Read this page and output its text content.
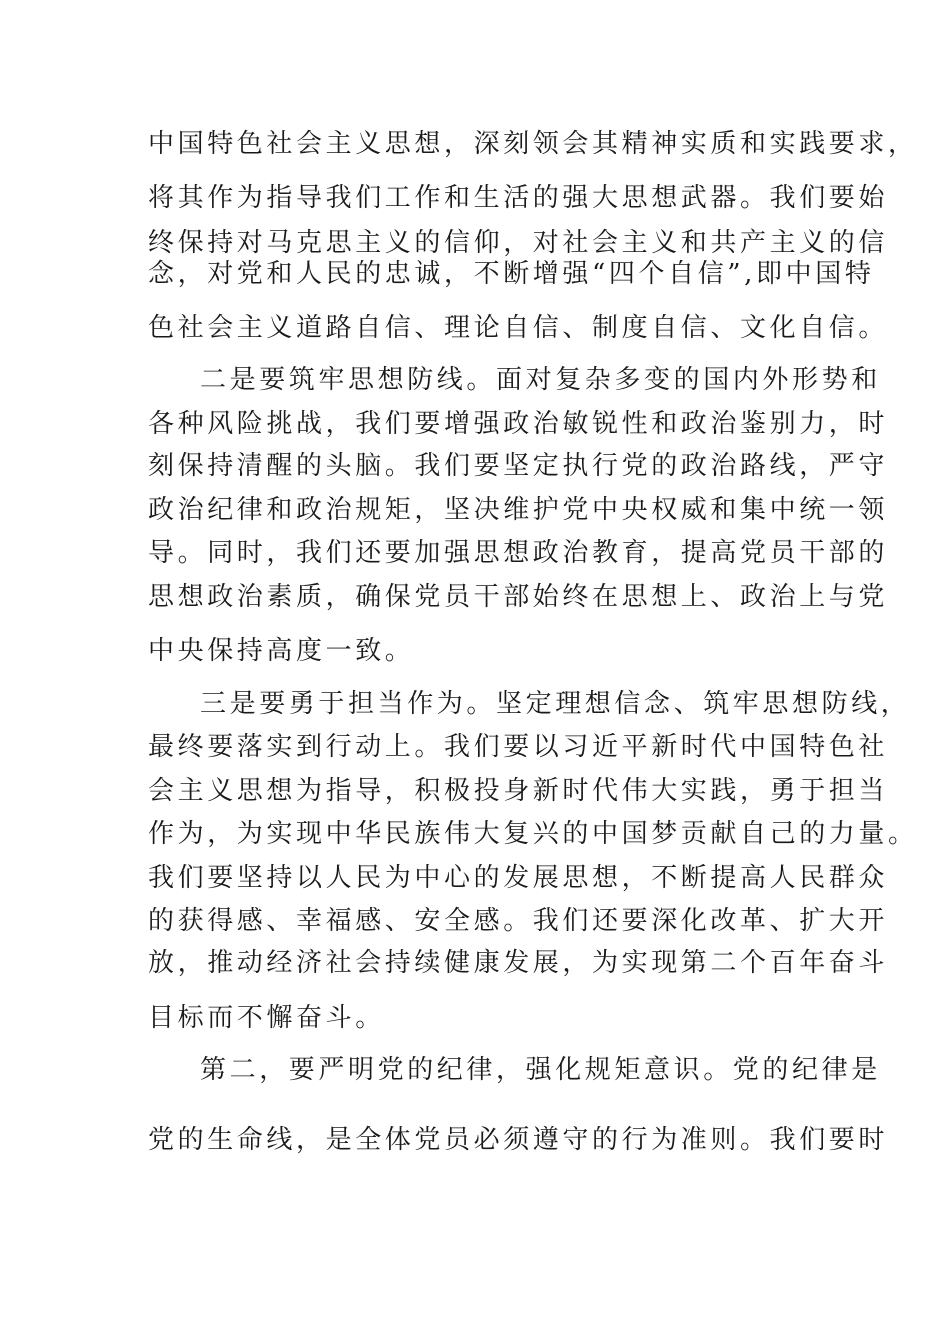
中国特色社会主义思想，深刻领会其精神实质和实践要求，
将其作为指导我们工作和生活的强大思想武器。我们要始
终保持对马克思主义的信仰，对社会主义和共产主义的信
念，对党和人民的忠诚，不断增强“四个自信”,即中国特
色社会主义道路自信、理论自信、制度自信、文化自信。
二是要筑牢思想防线。面对复杂多变的国内外形势和
各种风险挑战，我们要增强政治敏锐性和政治鉴别力，时
刻保持清醒的头脑。我们要坚定执行党的政治路线，严守
政治纪律和政治规矩，坚决维护党中央权威和集中统一领
导。同时，我们还要加强思想政治教育，提高党员干部的
思想政治素质，确保党员干部始终在思想上、政治上与党
中央保持高度一致。
三是要勇于担当作为。坚定理想信念、筑牢思想防线，
最终要落实到行动上。我们要以习近平新时代中国特色社
会主义思想为指导，积极投身新时代伟大实践，勇于担当
作为，为实现中华民族伟大复兴的中国梦贡献自己的力量。
我们要坚持以人民为中心的发展思想，不断提高人民群众
的获得感、幸福感、安全感。我们还要深化改革、扩大开
放，推动经济社会持续健康发展，为实现第二个百年奋斗
目标而不懈奋斗。
第二，要严明党的纪律，强化规矩意识。党的纪律是
党的生命线，是全体党员必须遵守的行为准则。我们要时
